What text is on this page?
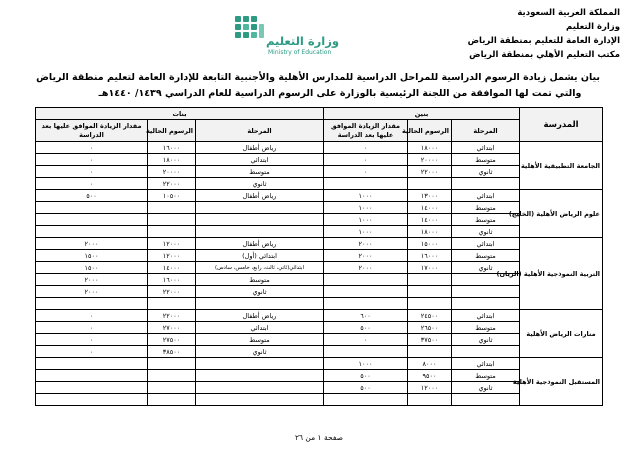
المملكة العربية السعودية
وزارة التعليم
الإدارة العامة للتعليم بمنطقة الرياض
مكتب التعليم الأهلي بمنطقة الرياض
وزارة التعليم
Ministry of Education
بيان يشمل زيادة الرسوم الدراسية للمراحل الدراسية للمدارس الأهلية والأجنبية التابعة للإدارة العامة لتعليم منطقة الرياض
والتي تمت لها الموافقة من اللجنة الرئيسية بالوزارة على الرسوم الدراسية للعام الدراسي ١٤٣٩/ ١٤٤٠هـ
المدرسة	بنين			بنات		
	المرحلة	الرسوم الحالية	مقدار الزيادة الموافق عليها بعد الدراسة	المرحلة	الرسوم الحالية	مقدار الزيادة الموافق عليها بعد الدراسة
الجامعة التطبيقية الأهلية	ابتدائي	١٨٠٠٠	٠	رياض أطفال	١٦٠٠٠	٠
	متوسط	٢٠٠٠٠	٠	ابتدائي	١٨٠٠٠	٠
	ثانوي	٢٢٠٠٠	٠	متوسط	٢٠٠٠٠	٠
				ثانوي	٢٢٠٠٠	٠
علوم الرياض الأهلية (الخليج)	ابتدائي	١٣٠٠٠	١٠٠٠	رياض أطفال	١٠٥٠٠	٥٠٠
	متوسط	١٤٠٠٠	١٠٠٠			
	متوسط	١٤٠٠٠	١٠٠٠			
	ثانوي	١٨٠٠٠	١٠٠٠			
التربية النموذجية الأهلية (الريان)	ابتدائي	١٥٠٠٠	٢٠٠٠	رياض أطفال	١٢٠٠٠	٢٠٠٠
	متوسط	١٦٠٠٠	٢٠٠٠	ابتدائي (أول)	١٢٠٠٠	١٥٠٠
	ثانوي	١٧٠٠٠	٢٠٠٠	ابتدائي(ثاني، ثالث، رابع، خامس، سادس)	١٤٠٠٠	١٥٠٠
				متوسط	١٦٠٠٠	٢٠٠٠
				ثانوي	٢٢٠٠٠	٢٠٠٠

منارات الرياض الأهلية	ابتدائي	٢٤٥٠٠	٦٠٠	رياض أطفال	٢٢٠٠٠	٠
	متوسط	٢٦٥٠٠	٥٠٠	ابتدائي	٢٧٠٠٠	٠
	ثانوي	٣٧٥٠٠	٠	متوسط	٢٧٥٠٠	٠
				ثانوي	٣٨٥٠٠	٠
المستقبل النموذجية الأهلية	ابتدائي	٨٠٠٠	١٠٠٠			
	متوسط	٩٥٠٠	٥٠٠			
	ثانوي	١٢٠٠٠	٥٠٠			

صفحة ١ من ٢٦
